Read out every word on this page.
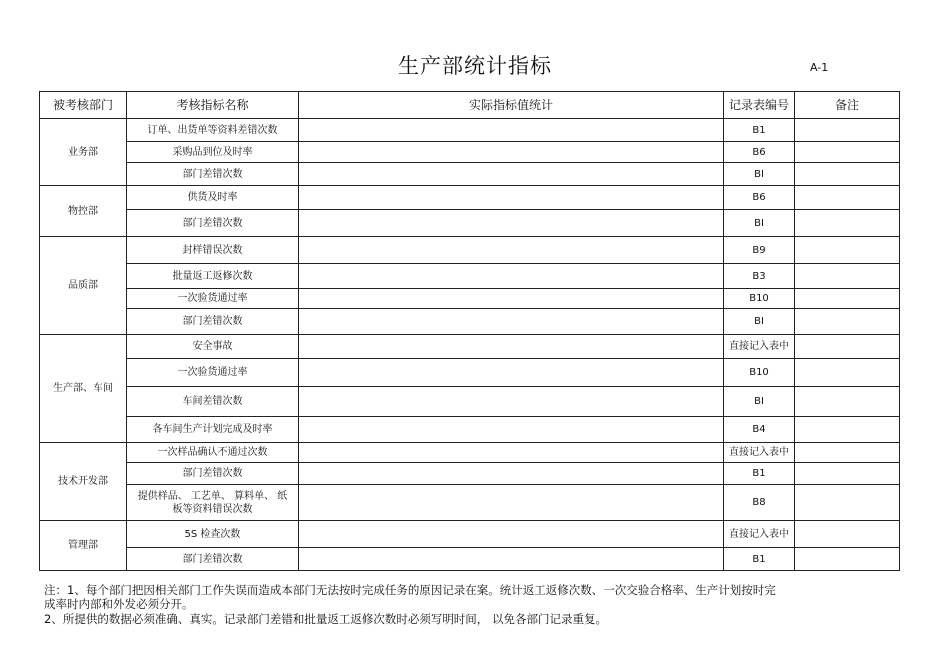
生产部统计指标	A-1
被考核部门	考核指标名称	实际指标值统计	记录表编号	备注
业务部	订单、出货单等资料差错次数		B1	
	采购品到位及时率		B6	
	部门差错次数		BI	
物控部	供货及时率		B6	
	部门差错次数		BI	
品质部	封样错误次数		B9	
	批量返工返修次数		B3	
	一次验货通过率		B10	
	部门差错次数		BI	
生产部、车间	安全事故		直接记入表中	
	一次验货通过率		B10	
	车间差错次数		BI	
	各车间生产计划完成及时率		B4	
技术开发部	一次样品确认不通过次数		直接记入表中	
	部门差错次数		B1	
	提供样品、 工艺单、 算料单、 纸
板等资料错误次数		B8	
管理部	5S 检查次数		直接记入表中	
	部门差错次数		B1	
注：1、每个部门把因相关部门工作失误而造成本部门无法按时完成任务的原因记录在案。统计返工返修次数、一次交验合格率、生产计划按时完
成率时内部和外发必须分开。
2、所提供的数据必须准确、真实。记录部门差错和批量返工返修次数时必须写明时间， 以免各部门记录重复。
